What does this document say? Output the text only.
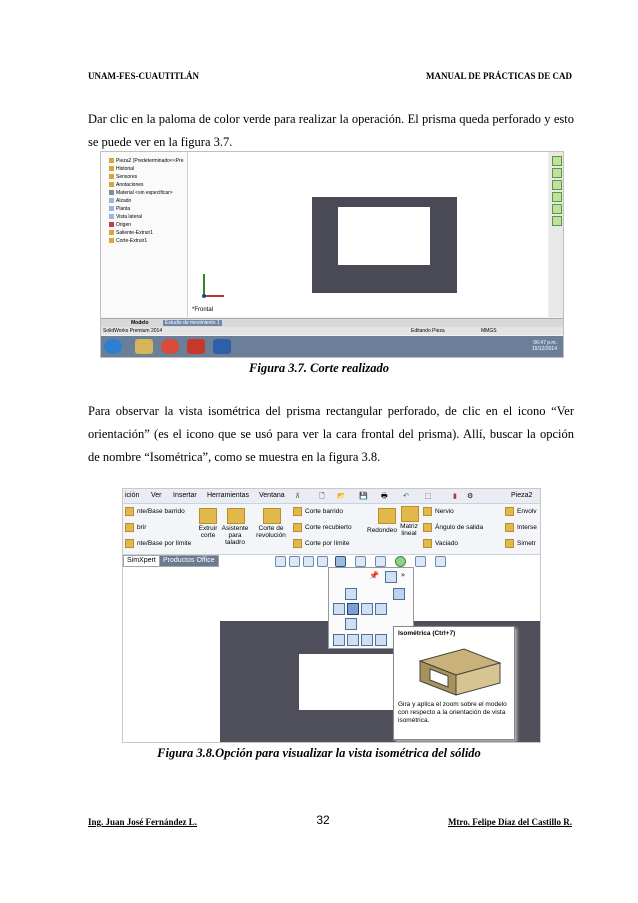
UNAM-FES-CUAUTITLÁN	MANUAL DE PRÁCTICAS DE CAD
Dar clic en la paloma de color verde para realizar la operación. El prisma queda perforado y esto
se puede ver en la figura 3.7.
Pieza2 (Predeterminado<<Pre
Historial
Sensores
Anotaciones
Material <sin especificar>
Alzado
Planta
Vista lateral
Origen
Saliente-Extruir1
Corte-Extruir1
*Frontal
Modelo	Estudio de movimiento 1
SolidWorks Premium 2014	Editando Pieza	MMGS
06:47 p.m.
15/12/2014
Figura 3.7. Corte realizado
Para observar la vista isométrica del prisma rectangular perforado, de clic en el icono “Ver
orientación” (es el icono que se usó para ver la cara frontal del prisma). Allí, buscar la opción
de nombre “Isométrica”, como se muestra en la figura 3.8.
ición Ver Insertar Herramientas Ventana ⊼	🗋 📂 💾 🖶 ↶ ⬚	▮ ⚙	Pieza2
nte/Base barrido
brir
nte/Base por límite
Extruir corte
Asistente para taladro
Corte de revolución
Corte barrido
Corte recubierto
Corte por límite
Redondeo
Matriz lineal
Nervio
Ángulo de salida
Vaciado
Envolv
Interse
Simetr
SimXpert	Productos Office
📌	»
Isométrica (Ctrl+7)
Gira y aplica el zoom sobre el modelo con respecto a la orientación de vista isométrica.
Figura 3.8.Opción para visualizar la vista isométrica del sólido
Ing. Juan José Fernández L.	32	Mtro. Felipe Díaz del Castillo R.
